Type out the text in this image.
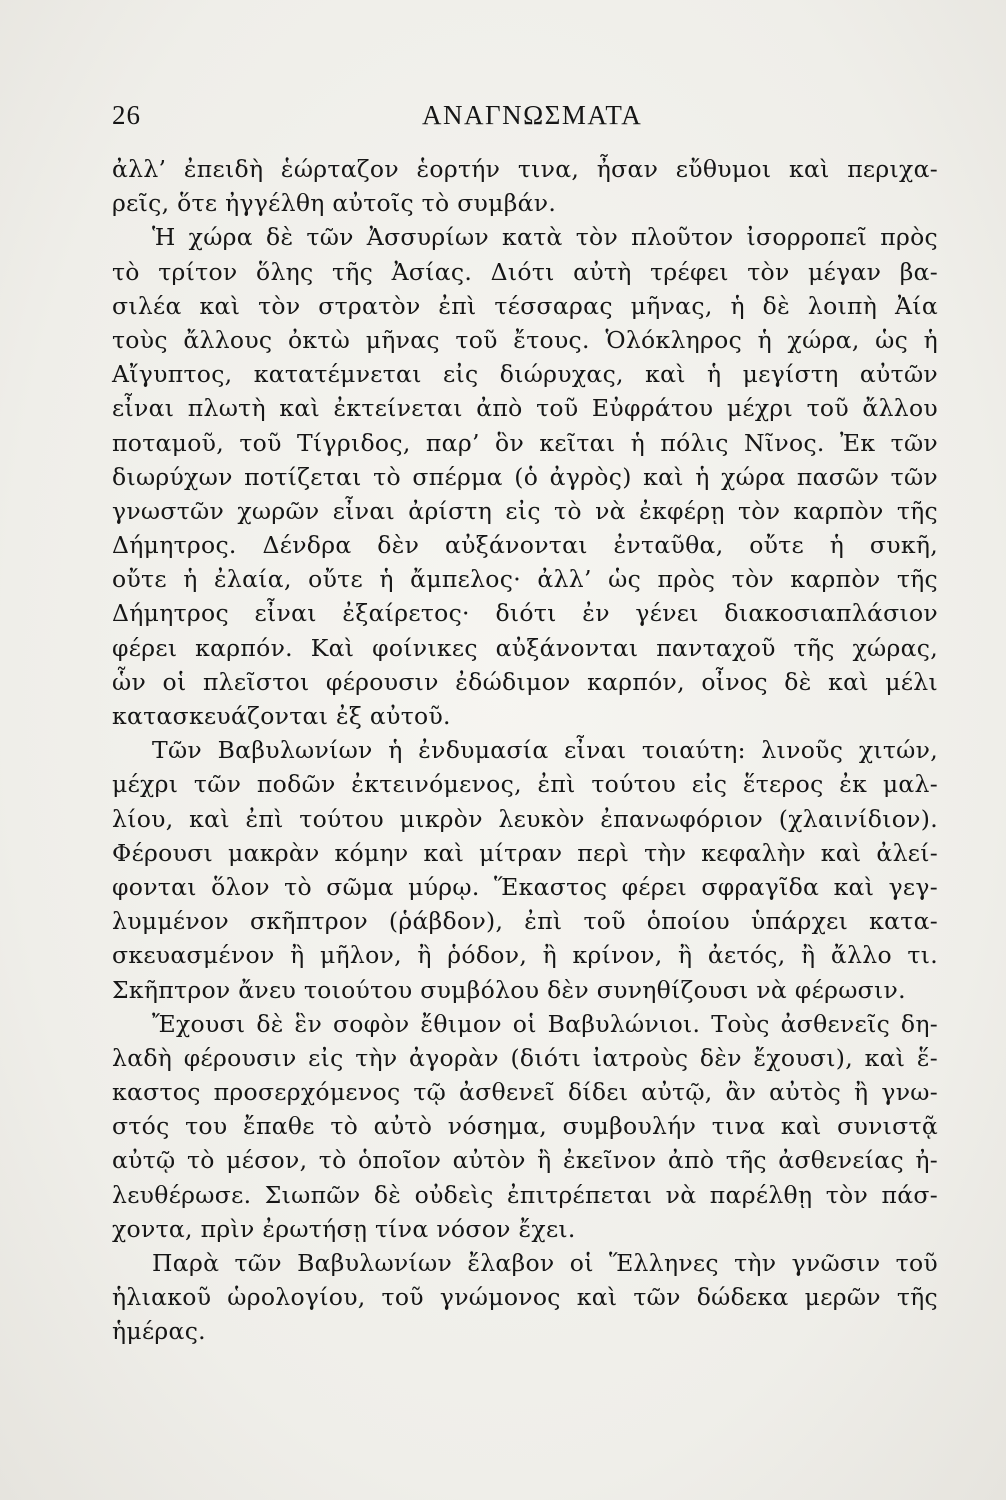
26	ΑΝΑΓΝΩΣΜΑΤΑ
ἀλλ’ ἐπειδὴ ἑώρταζον ἑορτήν τινα, ἦσαν εὔθυμοι καὶ περιχα-
ρεῖς, ὅτε ἠγγέλθη αὐτοῖς τὸ συμβάν.
Ἡ χώρα δὲ τῶν Ἀσσυρίων κατὰ τὸν πλοῦτον ἰσορροπεῖ πρὸς
τὸ τρίτον ὅλης τῆς Ἀσίας. Διότι αὐτὴ τρέφει τὸν μέγαν βα-
σιλέα καὶ τὸν στρατὸν ἐπὶ τέσσαρας μῆνας, ἡ δὲ λοιπὴ Ἀία
τοὺς ἄλλους ὀκτὼ μῆνας τοῦ ἔτους. Ὁλόκληρος ἡ χώρα, ὡς ἡ
Αἴγυπτος, κατατέμνεται εἰς διώρυχας, καὶ ἡ μεγίστη αὐτῶν
εἶναι πλωτὴ καὶ ἐκτείνεται ἀπὸ τοῦ Εὐφράτου μέχρι τοῦ ἄλλου
ποταμοῦ, τοῦ Τίγριδος, παρ’ ὃν κεῖται ἡ πόλις Νῖνος. Ἐκ τῶν
διωρύχων ποτίζεται τὸ σπέρμα (ὁ ἀγρὸς) καὶ ἡ χώρα πασῶν τῶν
γνωστῶν χωρῶν εἶναι ἀρίστη εἰς τὸ νὰ ἐκφέρῃ τὸν καρπὸν τῆς
Δήμητρος. Δένδρα δὲν αὐξάνονται ἐνταῦθα, οὔτε ἡ συκῆ,
οὔτε ἡ ἐλαία, οὔτε ἡ ἄμπελος· ἀλλ’ ὡς πρὸς τὸν καρπὸν τῆς
Δήμητρος εἶναι ἐξαίρετος· διότι ἐν γένει διακοσιαπλάσιον
φέρει καρπόν. Καὶ φοίνικες αὐξάνονται πανταχοῦ τῆς χώρας,
ὧν οἱ πλεῖστοι φέρουσιν ἐδώδιμον καρπόν, οἶνος δὲ καὶ μέλι
κατασκευάζονται ἐξ αὐτοῦ.
Τῶν Βαβυλωνίων ἡ ἐνδυμασία εἶναι τοιαύτη: λινοῦς χιτών,
μέχρι τῶν ποδῶν ἐκτεινόμενος, ἐπὶ τούτου εἰς ἕτερος ἐκ μαλ-
λίου, καὶ ἐπὶ τούτου μικρὸν λευκὸν ἐπανωφόριον (χλαινίδιον).
Φέρουσι μακρὰν κόμην καὶ μίτραν περὶ τὴν κεφαλὴν καὶ ἀλεί-
φονται ὅλον τὸ σῶμα μύρῳ. Ἕκαστος φέρει σφραγῖδα καὶ γεγ-
λυμμένον σκῆπτρον (ῥάβδον), ἐπὶ τοῦ ὁποίου ὑπάρχει κατα-
σκευασμένον ἢ μῆλον, ἢ ῥόδον, ἢ κρίνον, ἢ ἀετός, ἢ ἄλλο τι.
Σκῆπτρον ἄνευ τοιούτου συμβόλου δὲν συνηθίζουσι νὰ φέρωσιν.
Ἔχουσι δὲ ἓν σοφὸν ἔθιμον οἱ Βαβυλώνιοι. Τοὺς ἀσθενεῖς δη-
λαδὴ φέρουσιν εἰς τὴν ἀγορὰν (διότι ἰατροὺς δὲν ἔχουσι), καὶ ἕ-
καστος προσερχόμενος τῷ ἀσθενεῖ δίδει αὐτῷ, ἂν αὐτὸς ἢ γνω-
στός του ἔπαθε τὸ αὐτὸ νόσημα, συμβουλήν τινα καὶ συνιστᾷ
αὐτῷ τὸ μέσον, τὸ ὁποῖον αὐτὸν ἢ ἐκεῖνον ἀπὸ τῆς ἀσθενείας ἠ-
λευθέρωσε. Σιωπῶν δὲ οὐδεὶς ἐπιτρέπεται νὰ παρέλθῃ τὸν πάσ-
χοντα, πρὶν ἐρωτήσῃ τίνα νόσον ἔχει.
Παρὰ τῶν Βαβυλωνίων ἔλαβον οἱ Ἕλληνες τὴν γνῶσιν τοῦ
ἡλιακοῦ ὡρολογίου, τοῦ γνώμονος καὶ τῶν δώδεκα μερῶν τῆς
ἡμέρας.
